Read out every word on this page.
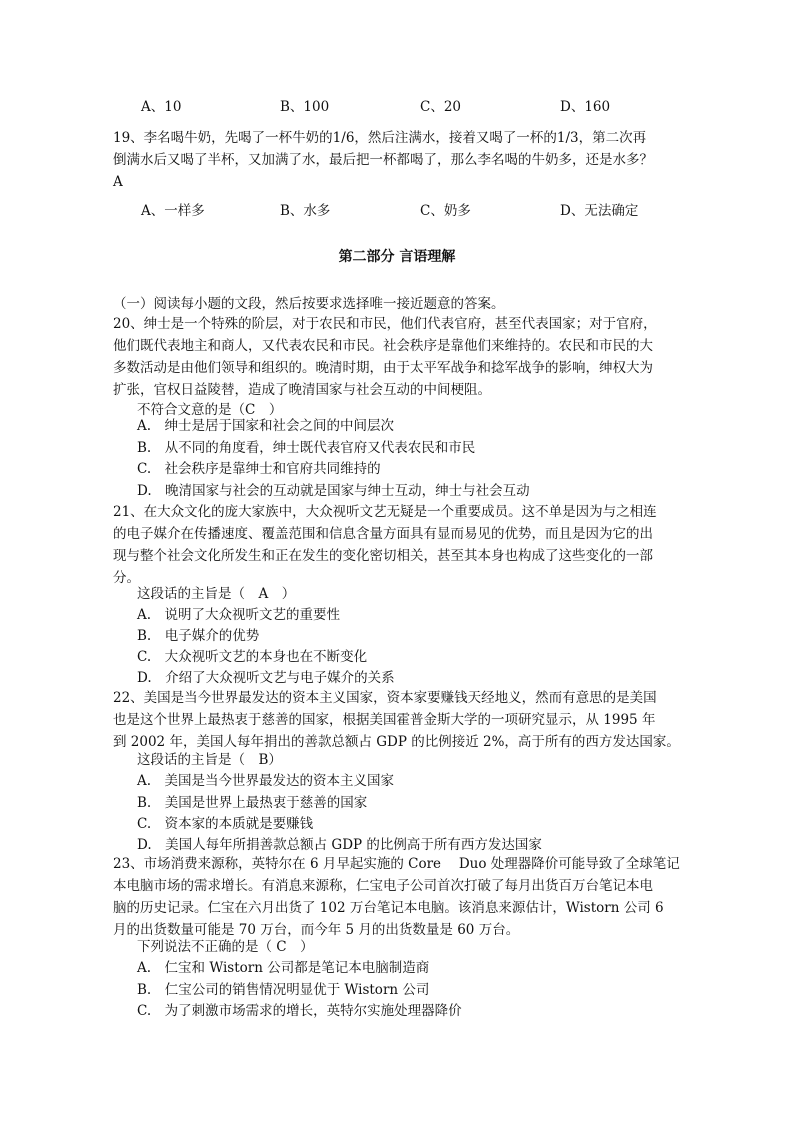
A、10	B、100	C、20	D、160
19、李名喝牛奶，先喝了一杯牛奶的1/6，然后注满水，接着又喝了一杯的1/3，第二次再
倒满水后又喝了半杯，又加满了水，最后把一杯都喝了，那么李名喝的牛奶多，还是水多？
A
A、一样多	B、水多	C、奶多	D、无法确定
第二部分 言语理解
（一）阅读每小题的文段，然后按要求选择唯一接近题意的答案。
20、绅士是一个特殊的阶层，对于农民和市民，他们代表官府，甚至代表国家；对于官府，
他们既代表地主和商人，又代表农民和市民。社会秩序是靠他们来维持的。农民和市民的大
多数活动是由他们领导和组织的。晚清时期，由于太平军战争和捻军战争的影响，绅权大为
扩张，官权日益陵替，造成了晚清国家与社会互动的中间梗阻。
不符合文意的是（C　）
A.　绅士是居于国家和社会之间的中间层次
B.　从不同的角度看，绅士既代表官府又代表农民和市民
C.　社会秩序是靠绅士和官府共同维持的
D.　晚清国家与社会的互动就是国家与绅士互动，绅士与社会互动
21、在大众文化的庞大家族中，大众视听文艺无疑是一个重要成员。这不单是因为与之相连
的电子媒介在传播速度、覆盖范围和信息含量方面具有显而易见的优势，而且是因为它的出
现与整个社会文化所发生和正在发生的变化密切相关，甚至其本身也构成了这些变化的一部
分。
这段话的主旨是（　A　）
A.　说明了大众视听文艺的重要性
B.　电子媒介的优势
C.　大众视听文艺的本身也在不断变化
D.　介绍了大众视听文艺与电子媒介的关系
22、美国是当今世界最发达的资本主义国家，资本家要赚钱天经地义，然而有意思的是美国
也是这个世界上最热衷于慈善的国家，根据美国霍普金斯大学的一项研究显示，从 1995 年
到 2002 年，美国人每年捐出的善款总额占 GDP 的比例接近 2%，高于所有的西方发达国家。
这段话的主旨是（　B）
A.　美国是当今世界最发达的资本主义国家
B.　美国是世界上最热衷于慈善的国家
C.　资本家的本质就是要赚钱
D.　美国人每年所捐善款总额占 GDP 的比例高于所有西方发达国家
23、市场消费来源称，英特尔在 6 月早起实施的 Core　 Duo 处理器降价可能导致了全球笔记
本电脑市场的需求增长。有消息来源称，仁宝电子公司首次打破了每月出货百万台笔记本电
脑的历史记录。仁宝在六月出货了 102 万台笔记本电脑。该消息来源估计，Wistorn 公司 6
月的出货数量可能是 70 万台，而今年 5 月的出货数量是 60 万台。
下列说法不正确的是（ C　）
A.　仁宝和 Wistorn 公司都是笔记本电脑制造商
B.　仁宝公司的销售情况明显优于 Wistorn 公司
C.　为了刺激市场需求的增长，英特尔实施处理器降价
